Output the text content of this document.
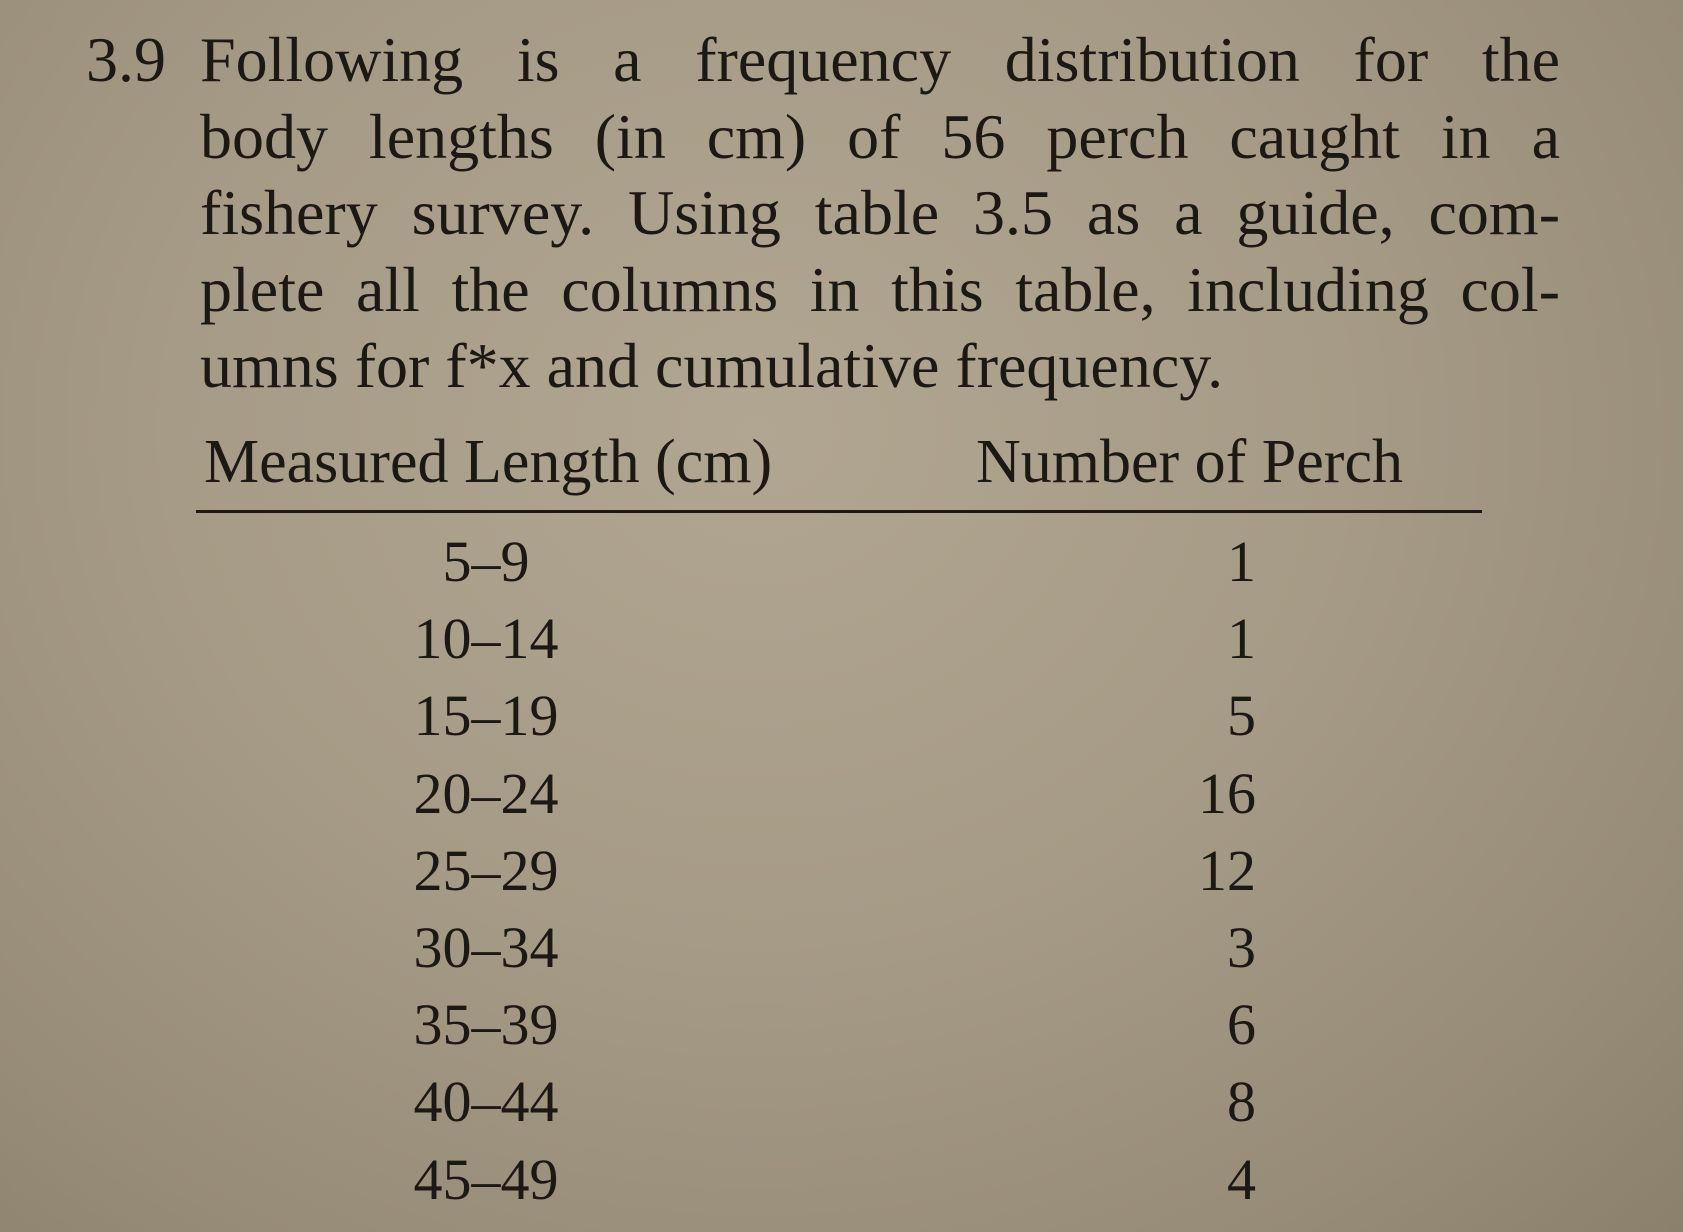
3.9 Following is a frequency distribution for the
body lengths (in cm) of 56 perch caught in a
fishery survey. Using table 3.5 as a guide, com-
plete all the columns in this table, including col-
umns for f*x and cumulative frequency.
Measured Length (cm)	Number of Perch
5–9	1
10–14	1
15–19	5
20–24	16
25–29	12
30–34	3
35–39	6
40–44	8
45–49	4
